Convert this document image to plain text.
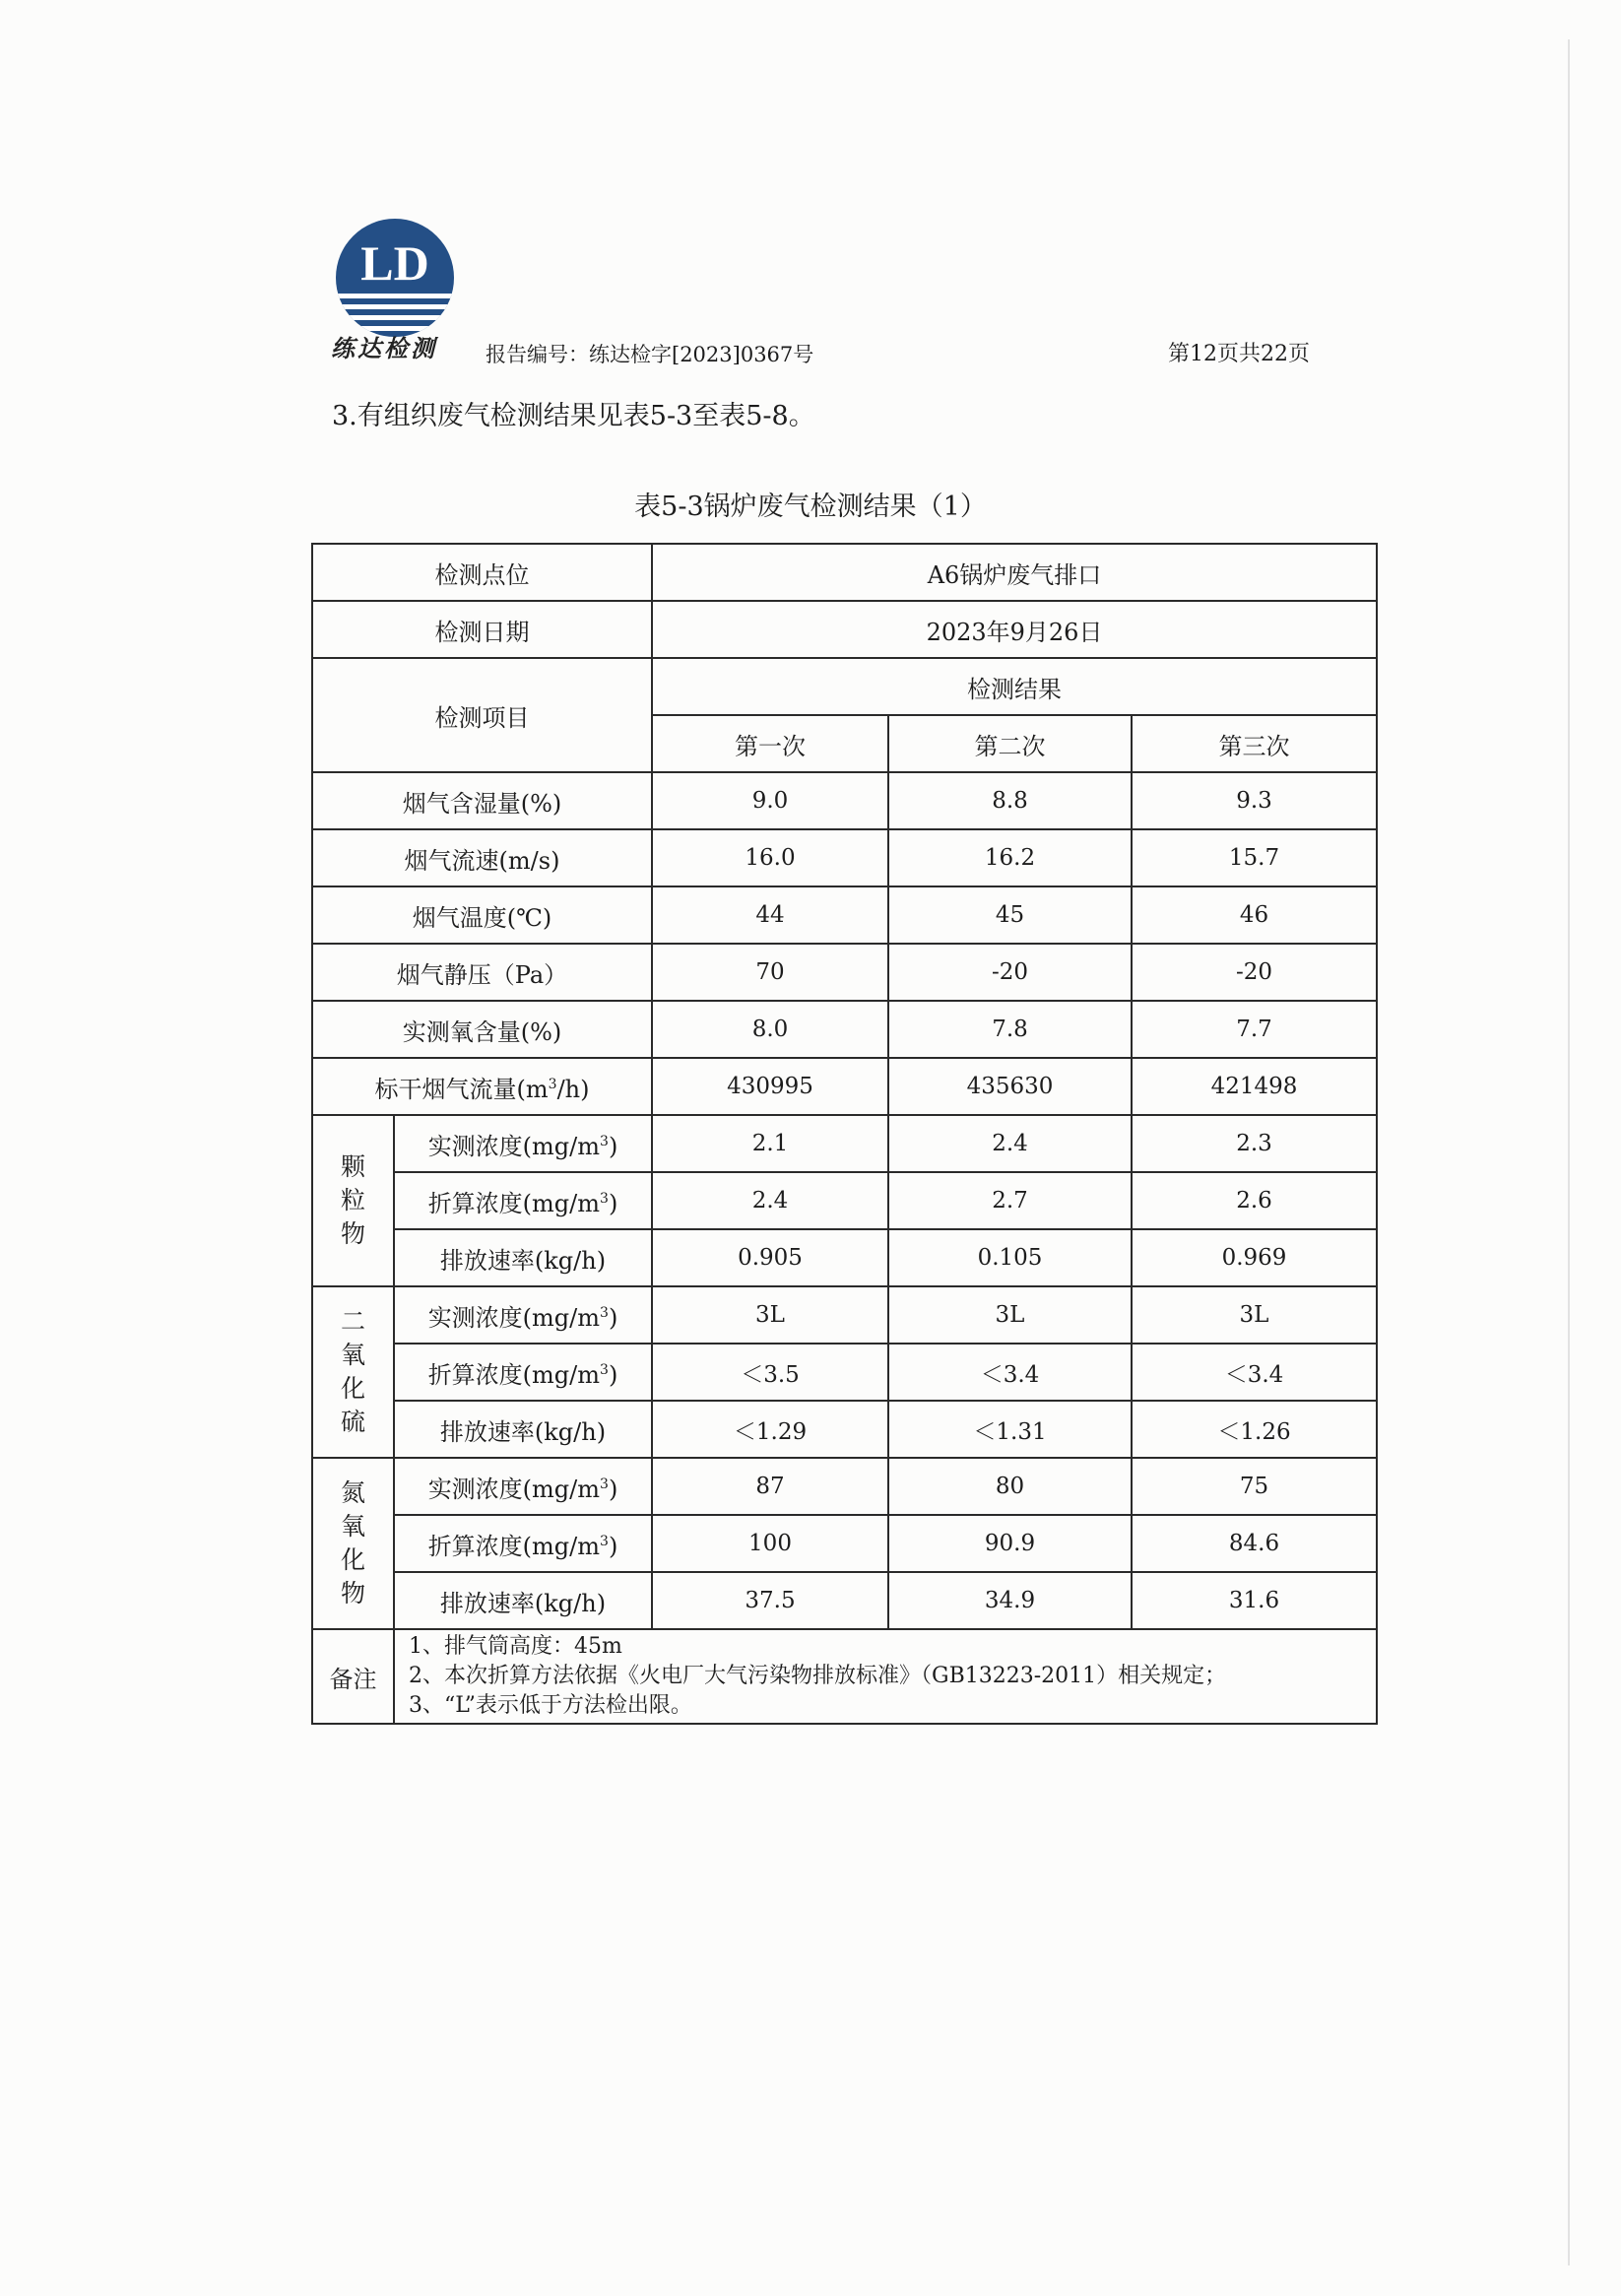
LD
练达检测	报告编号：练达检字[2023]0367号	第12页共22页
3.有组织废气检测结果见表5-3至表5-8。
表5-3锅炉废气检测结果（1）
检测点位		A6锅炉废气排口		
检测日期		2023年9月26日		
检测项目		检测结果		
		第一次	第二次	第三次
烟气含湿量(%)		9.0	8.8	9.3
烟气流速(m/s)		16.0	16.2	15.7
烟气温度(℃)		44	45	46
烟气静压（Pa）		70	-20	-20
实测氧含量(%)		8.0	7.8	7.7
标干烟气流量$(m^3/h)$		430995	435630	421498

颗
粒
物	实测浓度$(mg/m^3)$	2.1	2.4	2.3
	折算浓度$(mg/m^3)$	2.4	2.7	2.6
	排放速率(kg/h)	0.905	0.105	0.969

二
氧
化
硫	实测浓度$(mg/m^3)$	3L	3L	3L
	折算浓度$(mg/m^3)$	＜3.5	＜3.4	＜3.4
	排放速率(kg/h)	＜1.29	＜1.31	＜1.26

氮
氧
化
物	实测浓度$(mg/m^3)$	87	80	75
	折算浓度$(mg/m^3)$	100	90.9	84.6
	排放速率(kg/h)	37.5	34.9	31.6
备注	1、排气筒高度：45m
2、本次折算方法依据《火电厂大气污染物排放标准》（GB13223-2011）相关规定；
3、“L”表示低于方法检出限。			
